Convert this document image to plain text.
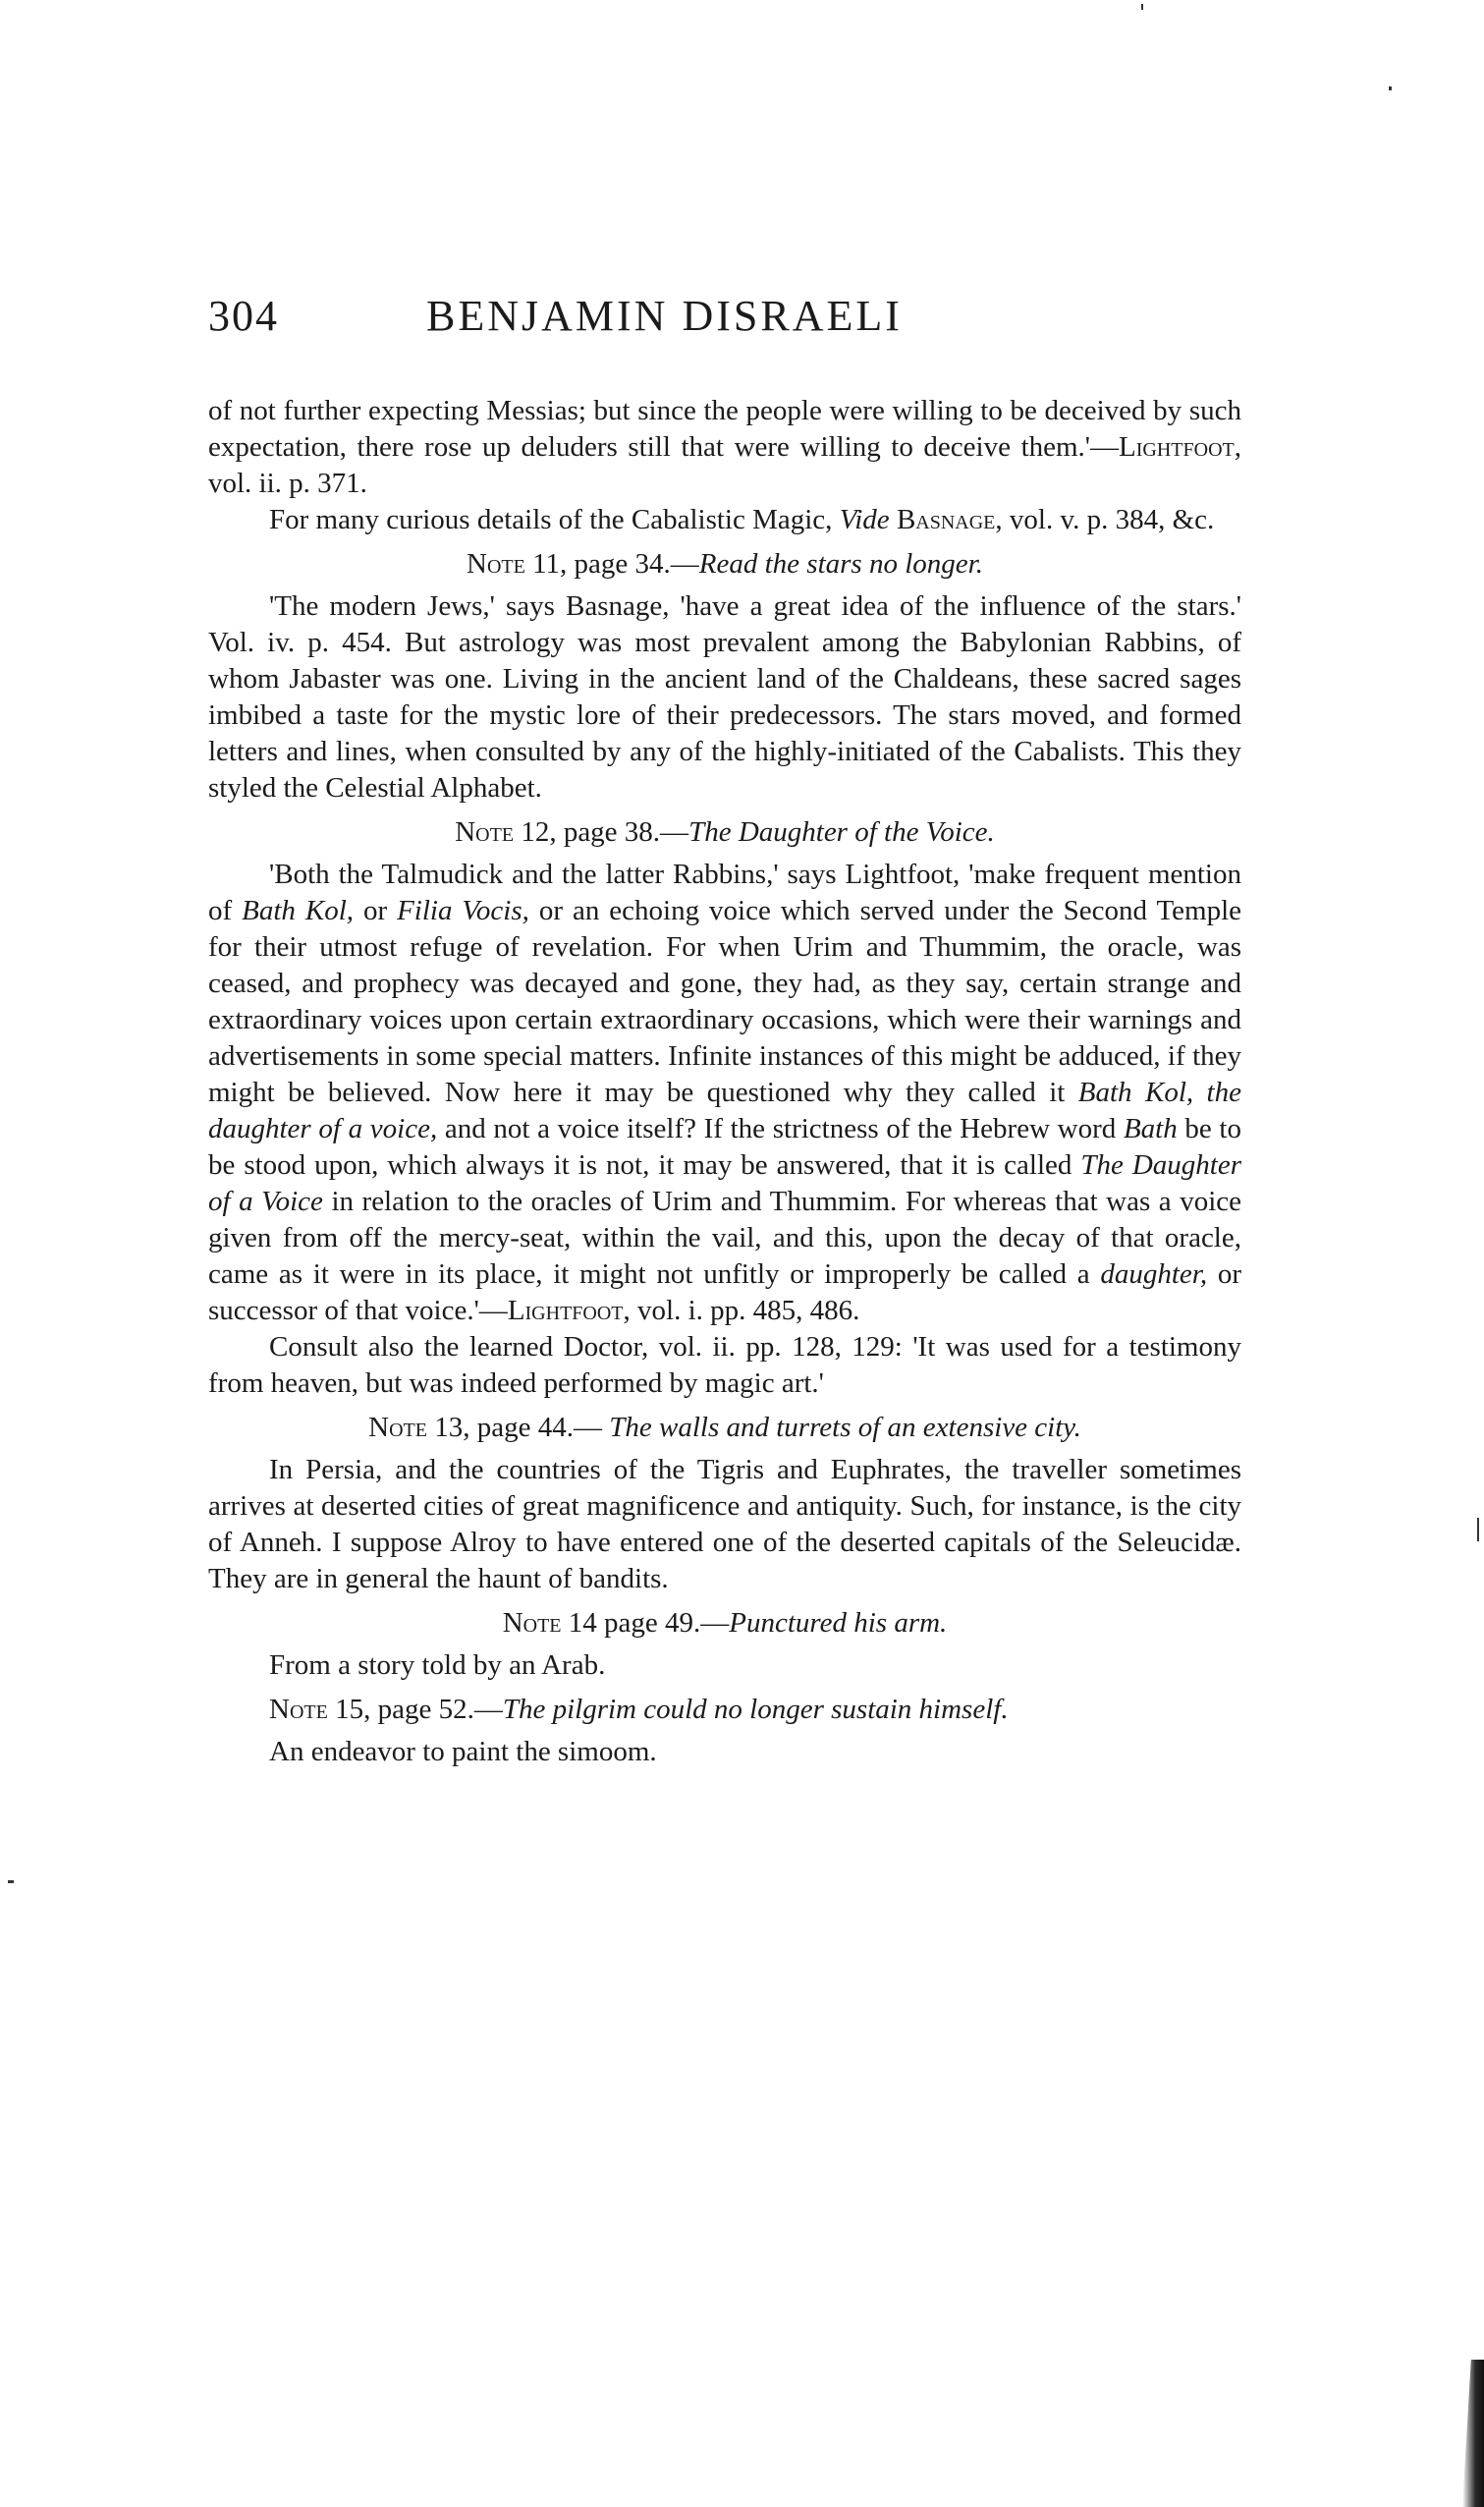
304	BENJAMIN DISRAELI

of not further expecting Messias; but since the people were willing to be deceived by such expectation, there rose up deluders still that were willing to deceive them.'—Lightfoot, vol. ii. p. 371.

For many curious details of the Cabalistic Magic, Vide Basnage, vol. v. p. 384, &c.

Note 11, page 34.—Read the stars no longer.

'The modern Jews,' says Basnage, 'have a great idea of the influence of the stars.' Vol. iv. p. 454. But astrology was most prevalent among the Babylonian Rabbins, of whom Jabaster was one. Living in the ancient land of the Chaldeans, these sacred sages imbibed a taste for the mystic lore of their predecessors. The stars moved, and formed letters and lines, when consulted by any of the highly-initiated of the Cabalists. This they styled the Celestial Alphabet.

Note 12, page 38.—The Daughter of the Voice.

'Both the Talmudick and the latter Rabbins,' says Lightfoot, 'make frequent mention of Bath Kol, or Filia Vocis, or an echoing voice which served under the Second Temple for their utmost refuge of revelation. For when Urim and Thummim, the oracle, was ceased, and prophecy was decayed and gone, they had, as they say, certain strange and extraordinary voices upon certain extraordinary occasions, which were their warnings and advertisements in some special matters. Infinite instances of this might be adduced, if they might be believed. Now here it may be questioned why they called it Bath Kol, the daughter of a voice, and not a voice itself? If the strictness of the Hebrew word Bath be to be stood upon, which always it is not, it may be answered, that it is called The Daughter of a Voice in relation to the oracles of Urim and Thummim. For whereas that was a voice given from off the mercy-seat, within the vail, and this, upon the decay of that oracle, came as it were in its place, it might not unfitly or improperly be called a daughter, or successor of that voice.'—Lightfoot, vol. i. pp. 485, 486.

Consult also the learned Doctor, vol. ii. pp. 128, 129: 'It was used for a testimony from heaven, but was indeed performed by magic art.'

Note 13, page 44.— The walls and turrets of an extensive city.

In Persia, and the countries of the Tigris and Euphrates, the traveller sometimes arrives at deserted cities of great magnificence and antiquity. Such, for instance, is the city of Anneh. I suppose Alroy to have entered one of the deserted capitals of the Seleucidæ. They are in general the haunt of bandits.

Note 14 page 49.—Punctured his arm.

From a story told by an Arab.

Note 15, page 52.—The pilgrim could no longer sustain himself.

An endeavor to paint the simoom.
